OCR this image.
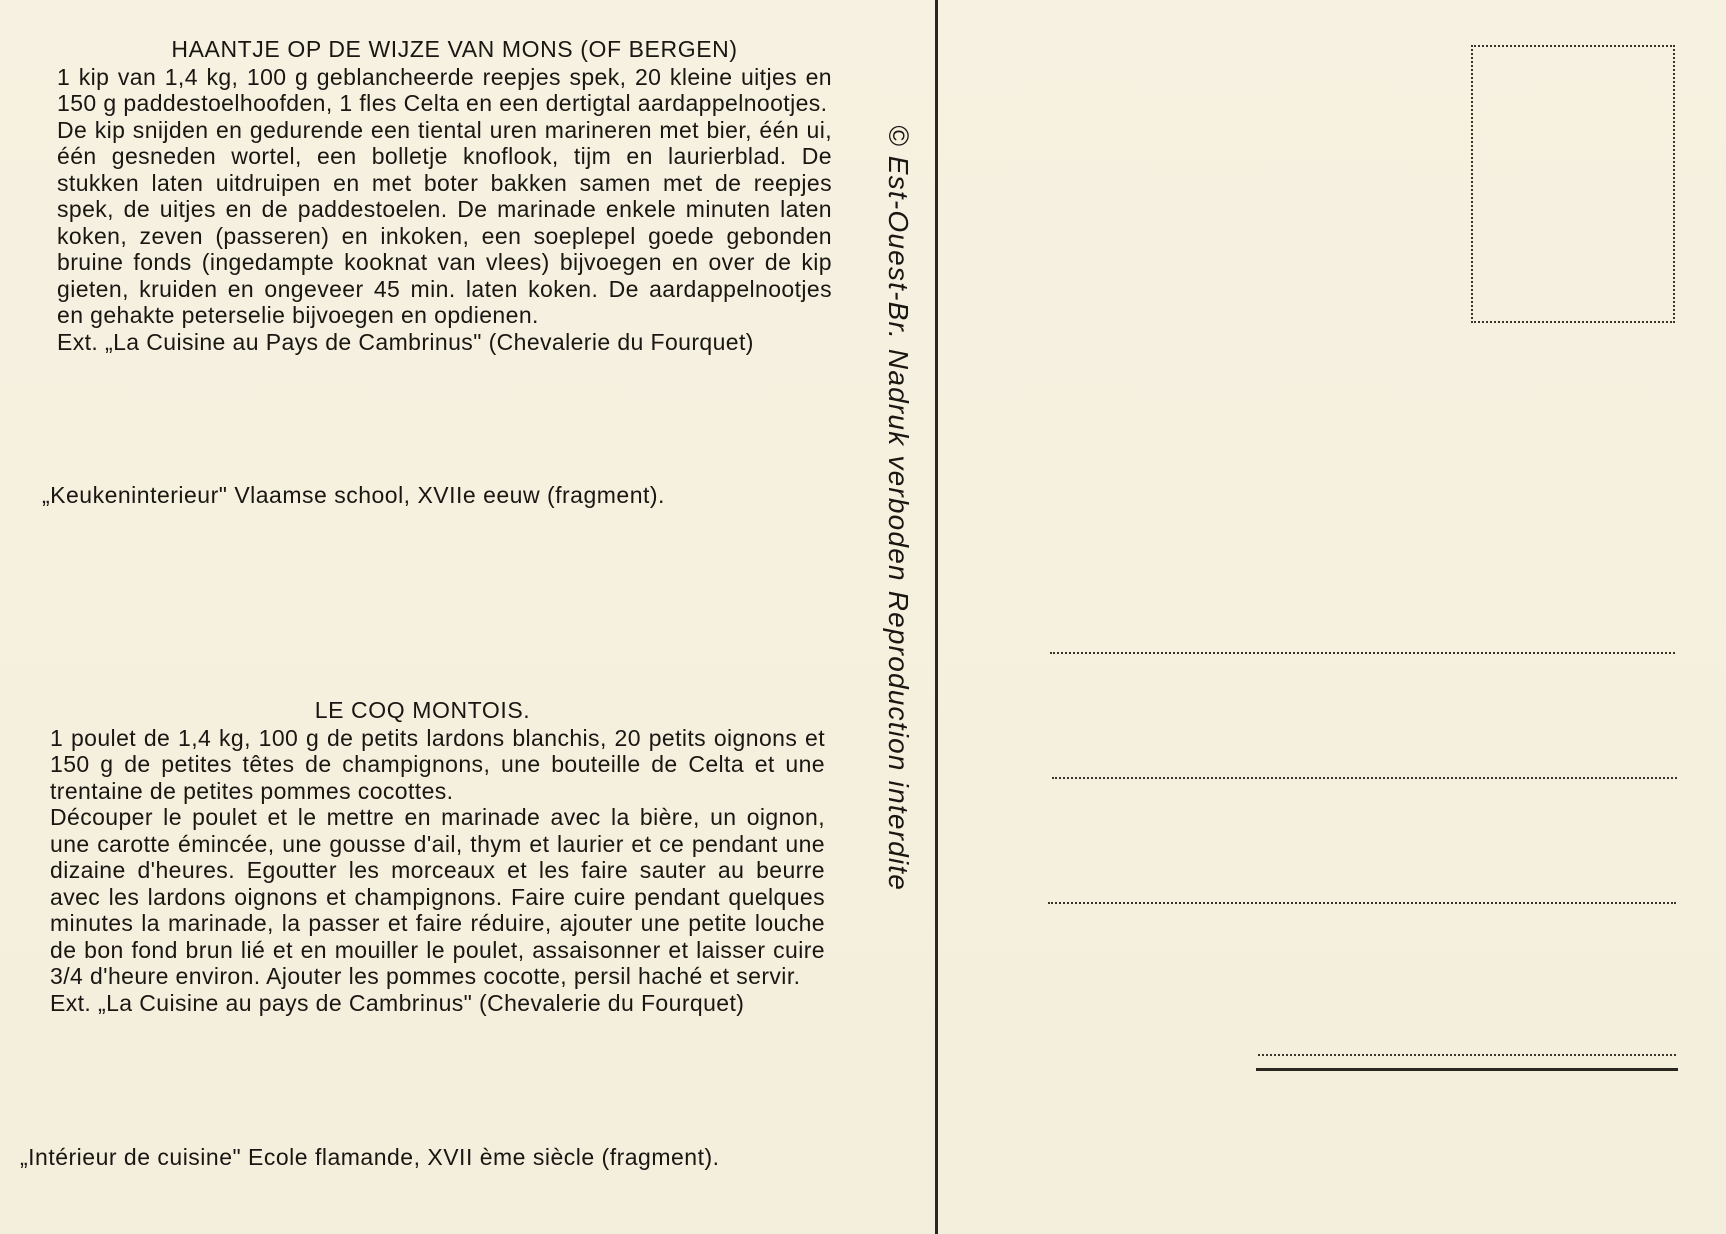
HAANTJE OP DE WIJZE VAN MONS (OF BERGEN)

1 kip van 1,4 kg, 100 g geblancheerde reepjes spek, 20 kleine uitjes en 150 g paddestoelhoofden, 1 fles Celta en een dertigtal aardappelnootjes.

De kip snijden en gedurende een tiental uren marineren met bier, één ui, één gesneden wortel, een bolletje knoflook, tijm en laurierblad. De stukken laten uitdruipen en met boter bakken samen met de reepjes spek, de uitjes en de paddestoelen. De marinade enkele minuten laten koken, zeven (passeren) en inkoken, een soeplepel goede gebonden bruine fonds (ingedampte kooknat van vlees) bijvoegen en over de kip gieten, kruiden en ongeveer 45 min. laten koken. De aardappelnootjes en gehakte peterselie bijvoegen en opdienen.

Ext. „La Cuisine au Pays de Cambrinus" (Chevalerie du Fourquet)

„Keukeninterieur" Vlaamse school, XVIIe eeuw (fragment).
LE COQ MONTOIS.

1 poulet de 1,4 kg, 100 g de petits lardons blanchis, 20 petits oignons et 150 g de petites têtes de champignons, une bouteille de Celta et une trentaine de petites pommes cocottes.

Découper le poulet et le mettre en marinade avec la bière, un oignon, une carotte émincée, une gousse d'ail, thym et laurier et ce pendant une dizaine d'heures. Egoutter les morceaux et les faire sauter au beurre avec les lardons oignons et champignons. Faire cuire pendant quelques minutes la marinade, la passer et faire réduire, ajouter une petite louche de bon fond brun lié et en mouiller le poulet, assaisonner et laisser cuire 3/4 d'heure environ. Ajouter les pommes cocotte, persil haché et servir.

Ext. „La Cuisine au pays de Cambrinus" (Chevalerie du Fourquet)

„Intérieur de cuisine" Ecole flamande, XVII ème siècle (fragment).
© Est-Ouest-Br. Nadruk verboden Reproduction interdite
